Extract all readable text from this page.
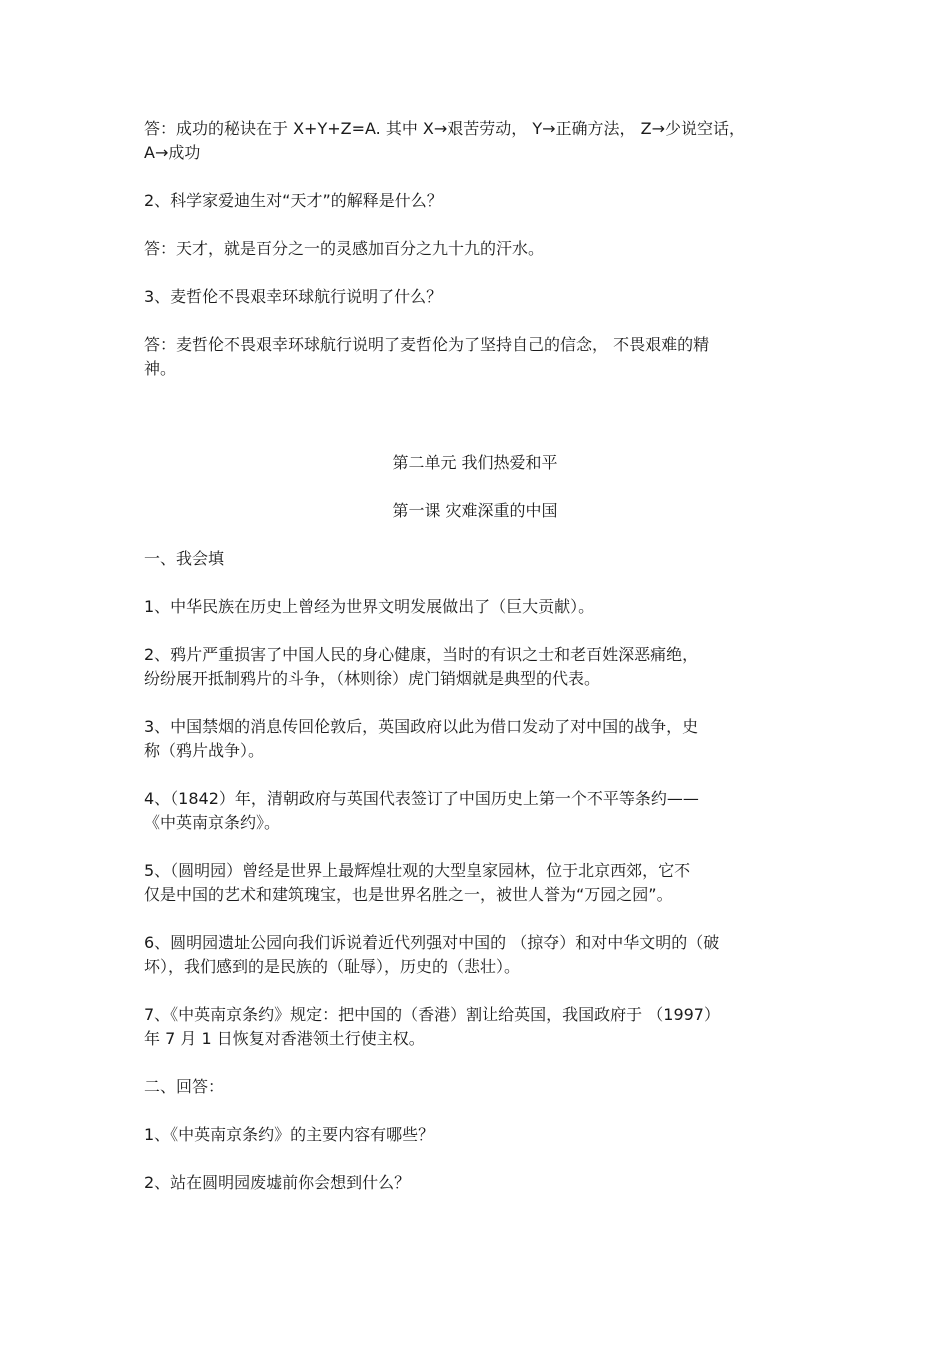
答：成功的秘诀在于 X+Y+Z=A. 其中 X→艰苦劳动， Y→正确方法， Z→少说空话，

A→成功

2、科学家爱迪生对“天才”的解释是什么？

答：天才，就是百分之一的灵感加百分之九十九的汗水。

3、麦哲伦不畏艰幸环球航行说明了什么？

答：麦哲伦不畏艰幸环球航行说明了麦哲伦为了坚持自己的信念， 不畏艰难的精

神。

第二单元 我们热爱和平

第一课 灾难深重的中国

一、我会填

1、中华民族在历史上曾经为世界文明发展做出了（巨大贡献）。

2、鸦片严重损害了中国人民的身心健康，当时的有识之士和老百姓深恶痛绝，

纷纷展开抵制鸦片的斗争，（林则徐）虎门销烟就是典型的代表。

3、中国禁烟的消息传回伦敦后，英国政府以此为借口发动了对中国的战争，史

称（鸦片战争）。

4、（1842）年，清朝政府与英国代表签订了中国历史上第一个不平等条约——

《中英南京条约》。

5、（圆明园）曾经是世界上最辉煌壮观的大型皇家园林，位于北京西郊，它不

仅是中国的艺术和建筑瑰宝，也是世界名胜之一，被世人誉为“万园之园”。

6、圆明园遗址公园向我们诉说着近代列强对中国的 （掠夺）和对中华文明的（破

坏），我们感到的是民族的（耻辱），历史的（悲壮）。

7、《中英南京条约》规定：把中国的（香港）割让给英国，我国政府于 （1997）

年 7 月 1 日恢复对香港领土行使主权。

二、回答：

1、《中英南京条约》的主要内容有哪些？

2、站在圆明园废墟前你会想到什么？
